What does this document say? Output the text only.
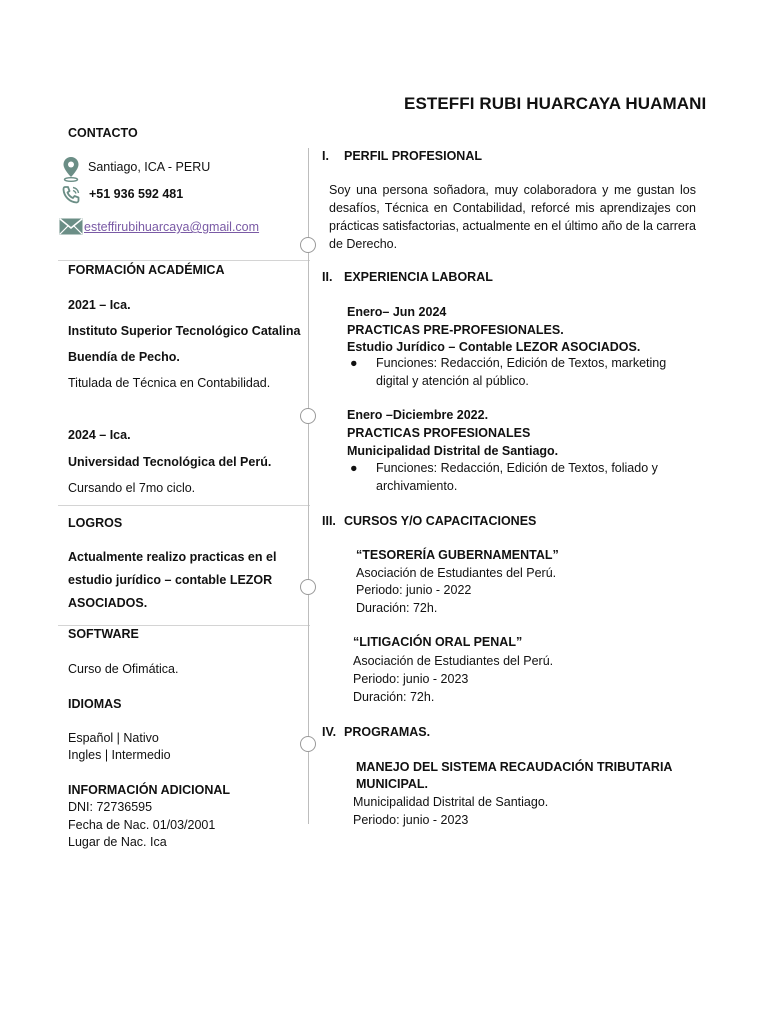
ESTEFFI RUBI HUARCAYA HUAMANI
CONTACTO
Santiago, ICA - PERU
+51 936 592 481
esteffirubihuarcaya@gmail.com
FORMACIÓN ACADÉMICA
2021 – Ica.
Instituto Superior Tecnológico Catalina
Buendía de Pecho.
Titulada de Técnica en Contabilidad.
2024 – Ica.
Universidad Tecnológica del Perú.
Cursando el 7mo ciclo.
LOGROS
Actualmente realizo practicas en el
estudio jurídico – contable LEZOR
ASOCIADOS.
SOFTWARE
Curso de Ofimática.
IDIOMAS
Español | Nativo
Ingles | Intermedio
INFORMACIÓN ADICIONAL
DNI: 72736595
Fecha de Nac. 01/03/2001
Lugar de Nac. Ica
I. PERFIL PROFESIONAL
Soy una persona soñadora, muy colaboradora y me gustan los desafíos, Técnica en Contabilidad, reforcé mis aprendizajes con prácticas satisfactorias, actualmente en el último año de la carrera de Derecho.
II. EXPERIENCIA LABORAL
Enero– Jun 2024
PRACTICAS PRE-PROFESIONALES.
Estudio Jurídico – Contable LEZOR ASOCIADOS.
● Funciones: Redacción, Edición de Textos, marketing digital y atención al público.
Enero –Diciembre 2022.
PRACTICAS PROFESIONALES
Municipalidad Distrital de Santiago.
● Funciones: Redacción, Edición de Textos, foliado y archivamiento.
III. CURSOS Y/O CAPACITACIONES
“TESORERÍA GUBERNAMENTAL”
Asociación de Estudiantes del Perú.
Periodo: junio - 2022
Duración: 72h.
“LITIGACIÓN ORAL PENAL”
Asociación de Estudiantes del Perú.
Periodo: junio - 2023
Duración: 72h.
IV. PROGRAMAS.
MANEJO DEL SISTEMA RECAUDACIÓN TRIBUTARIA
MUNICIPAL.
Municipalidad Distrital de Santiago.
Periodo: junio - 2023
